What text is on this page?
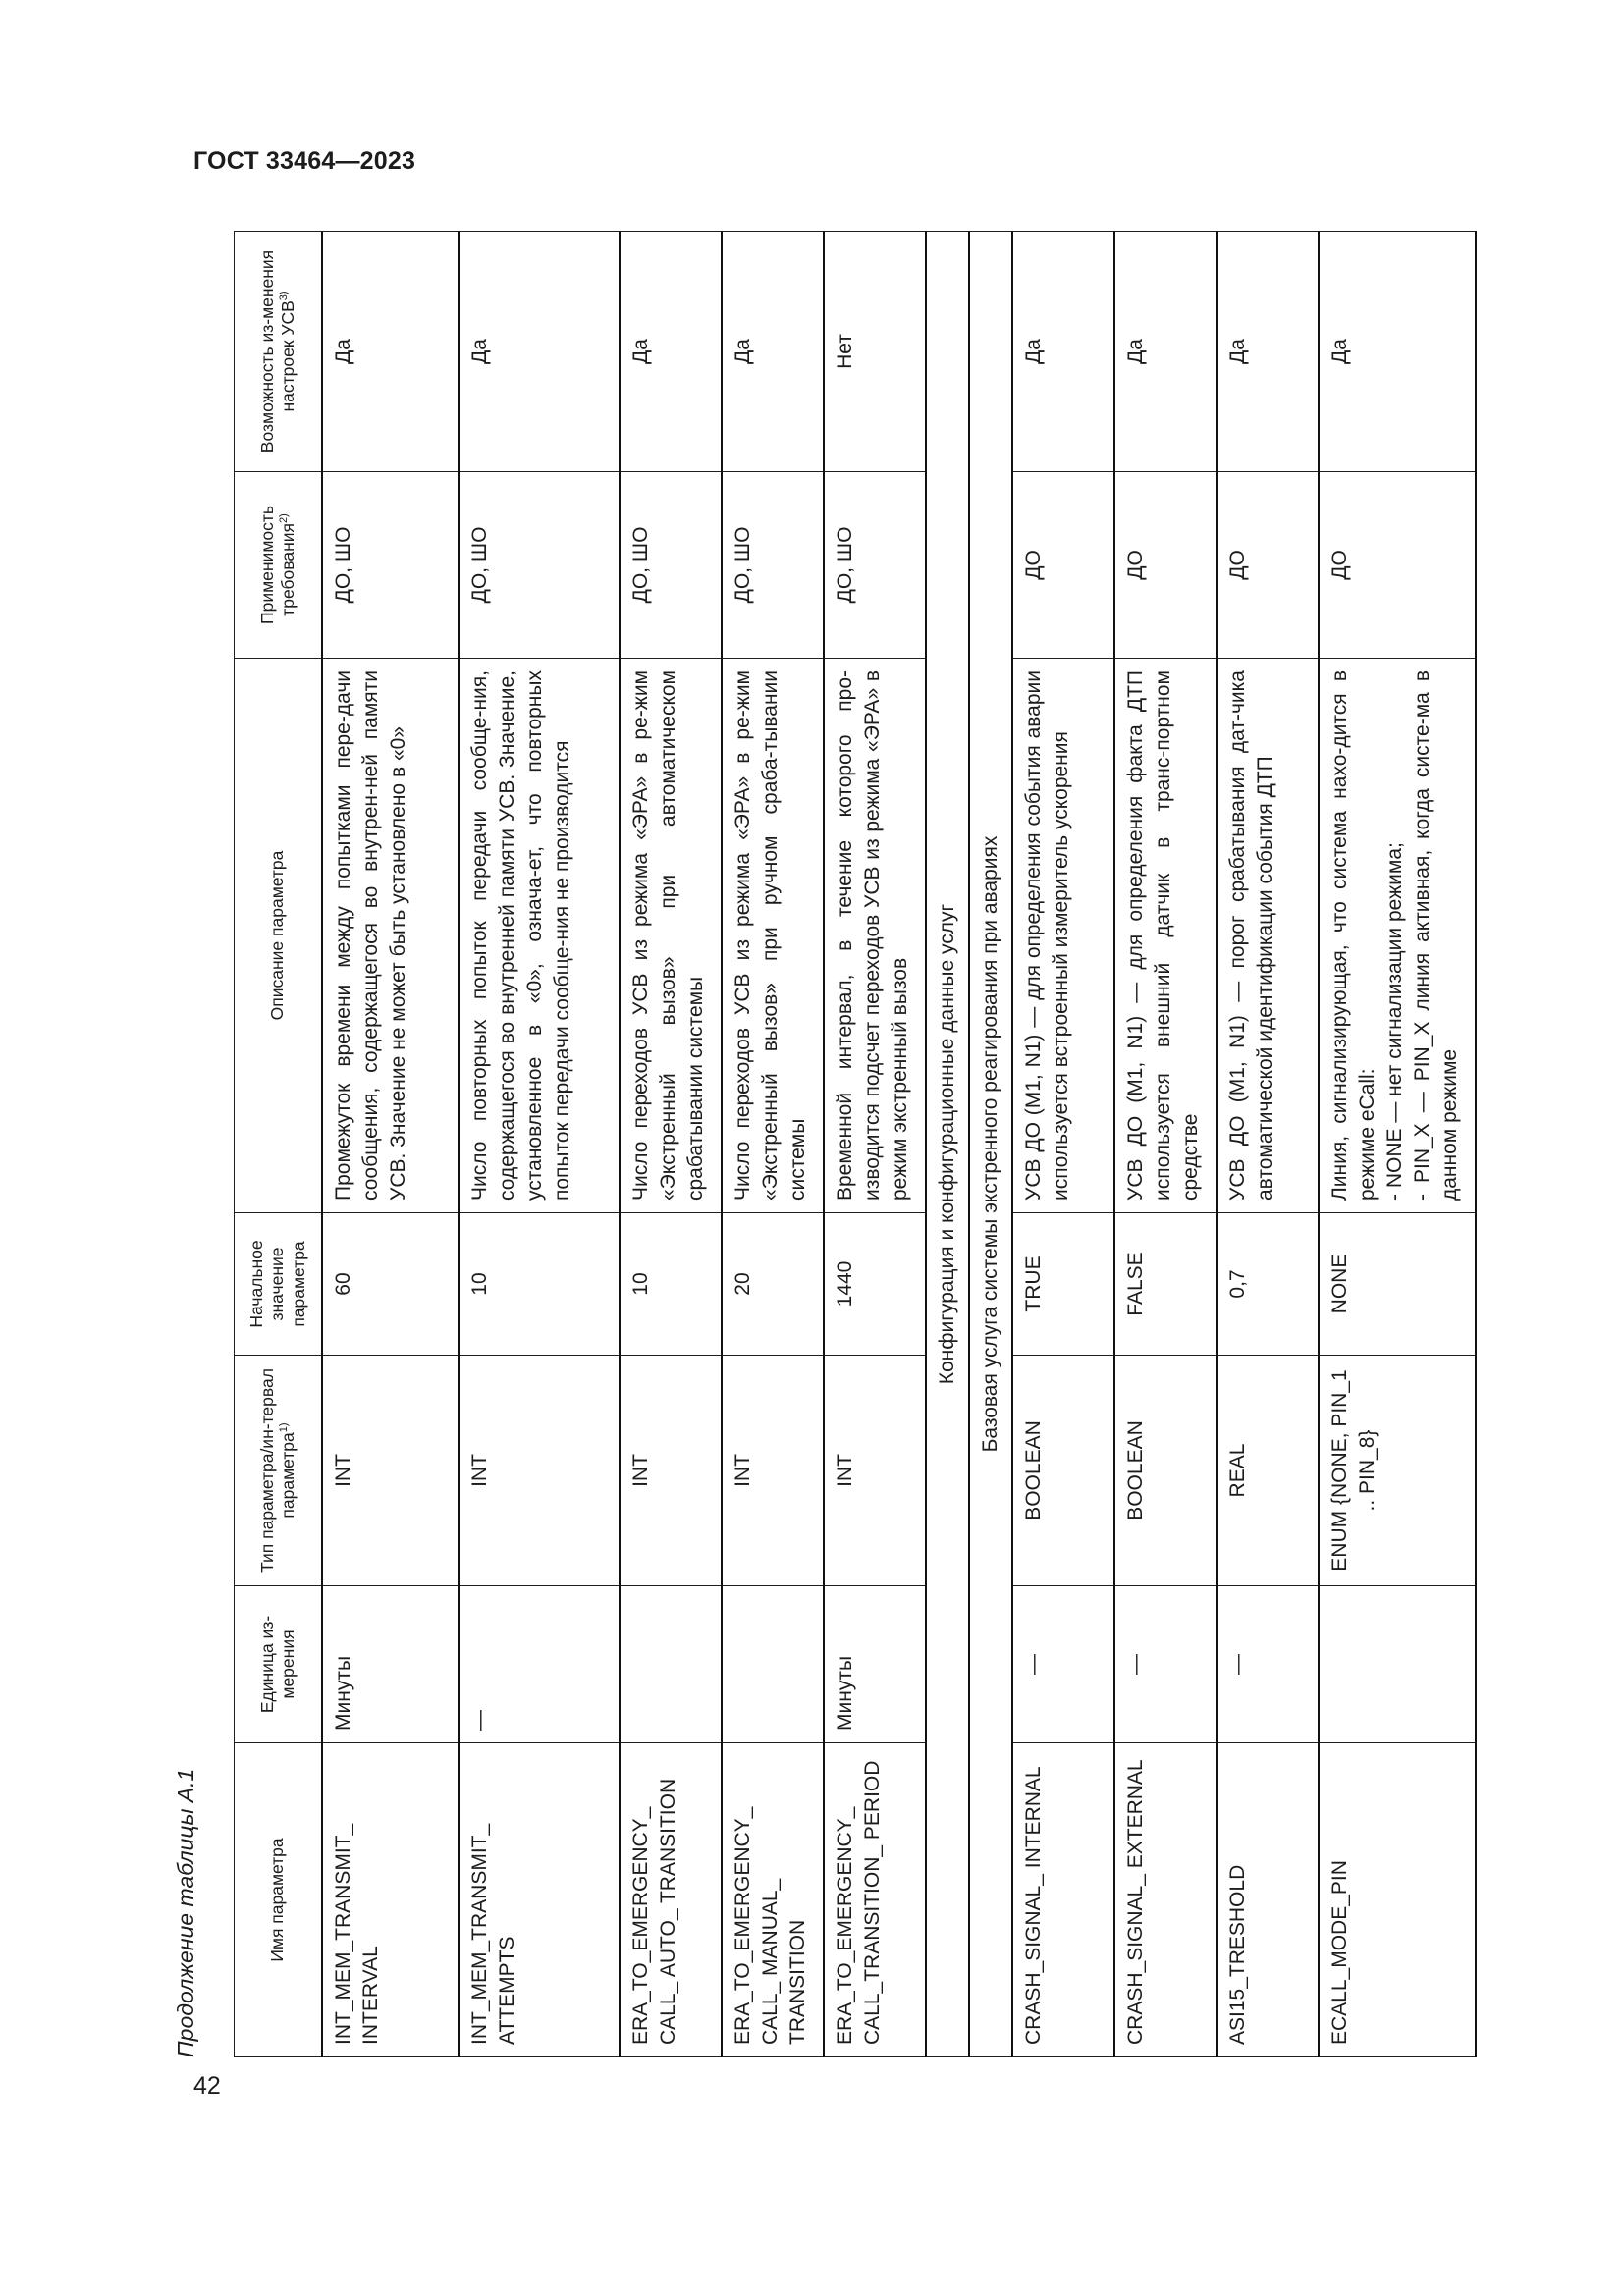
ГОСТ 33464—2023
Продолжение таблицы А.1	Имя параметра	Единица из-мерения	Тип параметра/ин-тервал параметра$^{1)}$	Начальное значение параметра	Описание параметра	Применимость требования$^{2)}$	Возможность из-менения настроек УСВ$^{3)}$
INT_MEM_TRANSMIT_ INTERVAL	Минуты	INT	60	Промежуток времени между попытками пере-дачи сообщения, содержащегося во внутрен-ней памяти УСВ. Значение не может быть установлено в «0»	ДО, ШО	Да
INT_MEM_TRANSMIT_ ATTEMPTS	—	INT	10	Число повторных попыток передачи сообще-ния, содержащегося во внутренней памяти УСВ. Значение, установленное в «0», означа-ет, что повторных попыток передачи сообще-ния не производится	ДО, ШО	Да
ERA_TO_EMERGENCY_ CALL_ AUTO_ TRANSITION		INT	10	Число переходов УСВ из режима «ЭРА» в ре-жим «Экстренный вызов» при автоматическом срабатывании системы	ДО, ШО	Да
ERA_TO_EMERGENCY_ CALL_ MANUAL_ TRANSITION		INT	20	Число переходов УСВ из режима «ЭРА» в ре-жим «Экстренный вызов» при ручном сраба-тывании системы	ДО, ШО	Да
ERA_TO_EMERGENCY_ CALL_TRANSITION_ PERIOD	Минуты	INT	1440	Временной интервал, в течение которого про-изводится подсчет переходов УСВ из режима «ЭРА» в режим экстренный вызов	ДО, ШО	Нет
Конфигурация и конфигурационные данные услуг						
Базовая услуга системы экстренного реагирования при авариях						
CRASH_SIGNAL_ INTERNAL	—	BOOLEAN	TRUE	УСВ ДО (M1, N1) — для определения события аварии используется встроенный измеритель ускорения	ДО	Да
CRASH_SIGNAL_ EXTERNAL	—	BOOLEAN	FALSE	УСВ ДО (M1, N1) — для определения факта ДТП используется внешний датчик в транс-портном средстве	ДО	Да
ASI15_TRESHOLD	—	REAL	0,7	УСВ ДО (M1, N1) — порог срабатывания дат-чика автоматической идентификации события ДТП	ДО	Да
ECALL_MODE_PIN		ENUM {NONE, PIN_1 .. PIN_8}	NONE	Линия, сигнализирующая, что система нахо-дится в режиме eCall: - NONE — нет сигнализации режима; - PIN_X — PIN_X линия активная, когда систе-ма в данном режиме	ДО	Да
42
